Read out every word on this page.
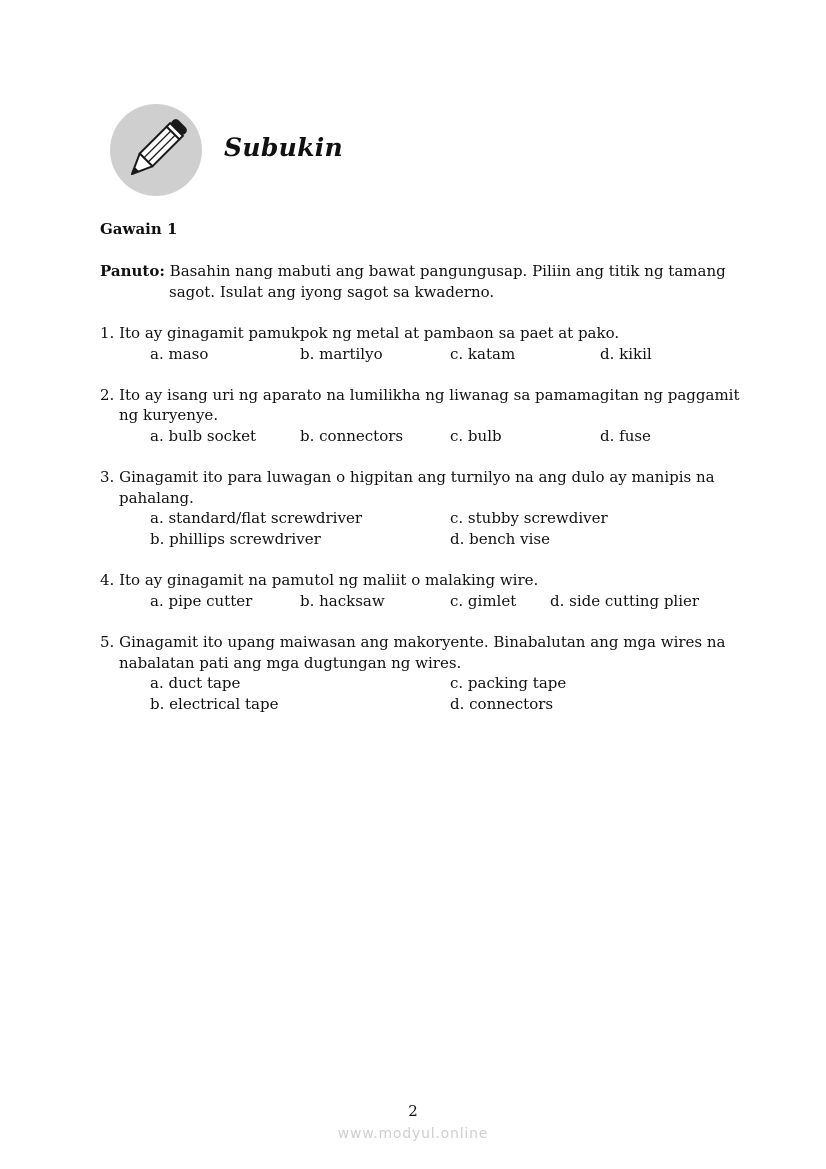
Subukin
Gawain 1
Panuto: Basahin nang mabuti ang bawat pangungusap. Piliin ang titik ng tamang
sagot. Isulat ang iyong sagot sa kwaderno.

1. Ito ay ginagamit pamukpok ng metal at pambaon sa paet at pako.

a. maso	b. martilyo	c. katam	d. kikil

2. Ito ay isang uri ng aparato na lumilikha ng liwanag sa pamamagitan ng paggamit
ng kuryenye.

a. bulb socket	b. connectors	c. bulb	d. fuse

3. Ginagamit ito para luwagan o higpitan ang turnilyo na ang dulo ay manipis na
pahalang.

a. standard/flat screwdriver	c. stubby screwdiver
b. phillips screwdriver	d. bench vise

4. Ito ay ginagamit na pamutol ng maliit o malaking wire.

a. pipe cutter	b. hacksaw	c. gimlet	d. side cutting plier

5. Ginagamit ito upang maiwasan ang makoryente. Binabalutan ang mga wires na
nabalatan pati ang mga dugtungan ng wires.

a. duct tape	c. packing tape
b. electrical tape	d. connectors
2
www.modyul.online
